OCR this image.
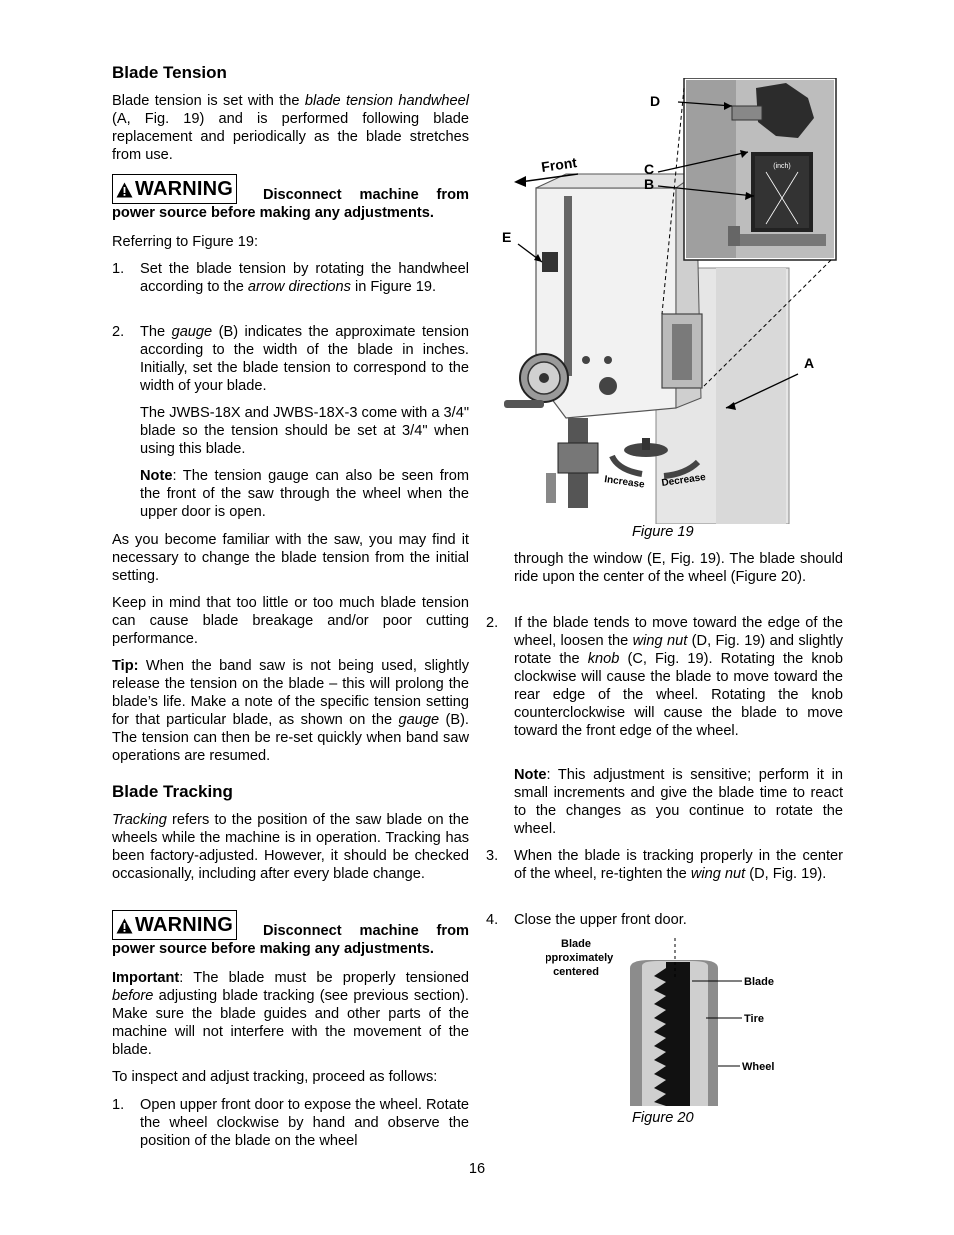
Blade Tension

Blade tension is set with the blade tension handwheel (A, Fig. 19) and is performed following blade replacement and periodically as the blade stretches from use.

WARNING Disconnect machine from

power source before making any adjustments.

Referring to Figure 19:

1. Set the blade tension by rotating the handwheel according to the arrow directions in Figure 19.

2. The gauge (B) indicates the approximate tension according to the width of the blade in inches. Initially, set the blade tension to correspond to the width of your blade.

The JWBS-18X and JWBS-18X-3 come with a 3/4" blade so the tension should be set at 3/4" when using this blade.

Note: The tension gauge can also be seen from the front of the saw through the wheel when the upper door is open.

As you become familiar with the saw, you may find it necessary to change the blade tension from the initial setting.

Keep in mind that too little or too much blade tension can cause blade breakage and/or poor cutting performance.

Tip: When the band saw is not being used, slightly release the tension on the blade – this will prolong the blade’s life. Make a note of the specific tension setting for that particular blade, as shown on the gauge (B). The tension can then be re-set quickly when band saw operations are resumed.

Blade Tracking

Tracking refers to the position of the saw blade on the wheels while the machine is in operation. Tracking has been factory-adjusted. However, it should be checked occasionally, including after every blade change.

WARNING Disconnect machine from

power source before making any adjustments.

Important: The blade must be properly tensioned before adjusting blade tracking (see previous section). Make sure the blade guides and other parts of the machine will not interfere with the movement of the blade.

To inspect and adjust tracking, proceed as follows:

1. Open upper front door to expose the wheel. Rotate the wheel clockwise by hand and observe the position of the blade on the wheel

(inch)
Increase Decrease
Front
D
C
B
E
A
Figure 19

through the window (E, Fig. 19). The blade should ride upon the center of the wheel (Figure 20).

2. If the blade tends to move toward the edge of the wheel, loosen the wing nut (D, Fig. 19) and slightly rotate the knob (C, Fig. 19). Rotating the knob clockwise will cause the blade to move toward the rear edge of the wheel. Rotating the knob counterclockwise will cause the blade to move toward the front edge of the wheel.

Note: This adjustment is sensitive; perform it in small increments and give the blade time to react to the changes as you continue to rotate the wheel.

3. When the blade is tracking properly in the center of the wheel, re-tighten the wing nut (D, Fig. 19).

4. Close the upper front door.

Blade
approximately
centered
Blade
Tire
Wheel
Figure 20
16
